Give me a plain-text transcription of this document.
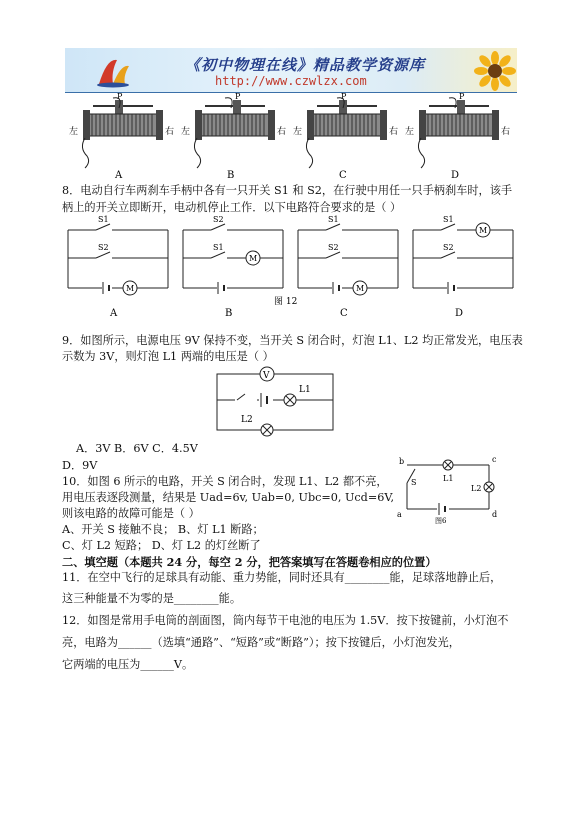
《初中物理在线》精品教学资源库
http://www.czwlzx.com
P
左	右
A
P
左	右
B
P
左	右
C
P
左	右
D
8．电动自行车两刹车手柄中各有一只开关 S1 和 S2，在行驶中用任一只手柄刹车时，该手
柄上的开关立即断开，电动机停止工作．以下电路符合要求的是（ ）
S1
S2
M
A
S1
S2
M
B
S1
S2
M
C
S1
S2
M
D
图 12
9．如图所示，电源电压 9V 保持不变，当开关 S 闭合时，灯泡 L1、L2 均正常发光，电压表
示数为 3V，则灯泡 L1 两端的电压是（ ）
V
L1
L2
A．3V B．6V C．4.5V
D．9V
10．如图 6 所示的电路，开关 S 闭合时，发现 L1、L2 都不亮，
用电压表逐段测量，结果是 Uad=6v, Uab=0, Ubc=0, Ucd=6V,
则该电路的故障可能是（ ）
A、开关 S 接触不良； B、灯 L1 断路；
C、灯 L2 短路； D、灯 L2 的灯丝断了
b	c
a	d
S	L1
L2
图6
二、填空题（本题共 24 分，每空 2 分，把答案填写在答题卷相应的位置）
11．在空中飞行的足球具有动能、重力势能，同时还具有________能，足球落地静止后，
这三种能量不为零的是________能。
12．如图是常用手电筒的剖面图，筒内每节干电池的电压为 1.5V．按下按键前，小灯泡不
亮，电路为______（选填“通路”、“短路”或“断路”）；按下按键后，小灯泡发光，
它两端的电压为______V。
